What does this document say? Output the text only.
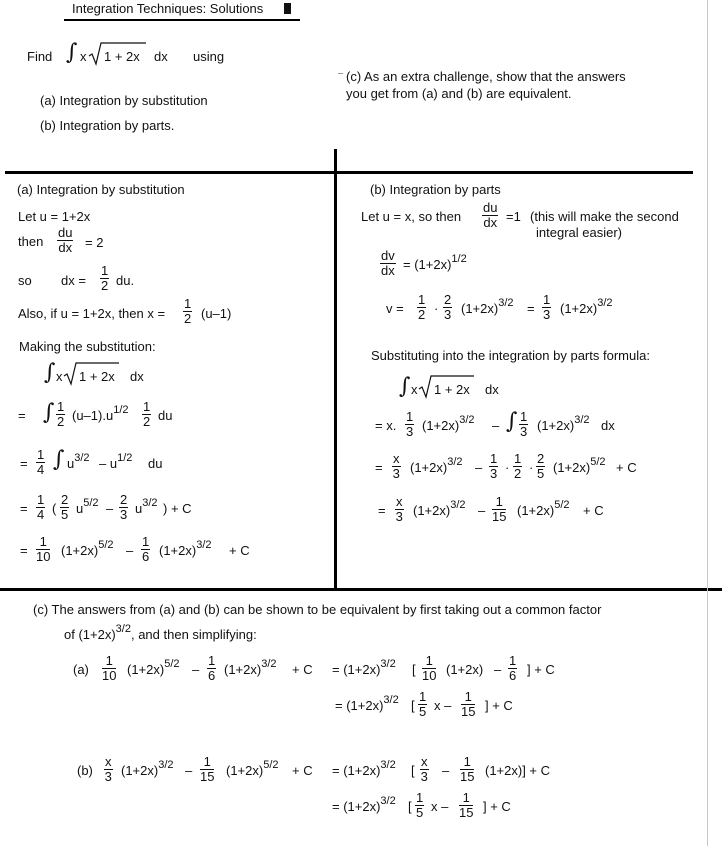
Integration Techniques: Solutions
Find ∫ x 1 + 2x dx using
(a) Integration by substitution
(b) Integration by parts.
(c) As an extra challenge, show that the answers
you get from (a) and (b) are equivalent.
(a) Integration by substitution
Let u = 1+2x
then
du
dx = 2
so dx =
1
2 du.
Also, if u = 1+2x, then x =
1
2 (u–1)
Making the substitution:
∫ x 1 + 2x dx
= ∫ 1
2 $(u-1).u^{1/2}$ 1
2 du
=
1
4 ∫ $u^{3/2} - u^{1/2}$ du
=
1
4 (
2
5 $u^{5/2}$ –
2
3 $u^{3/2}$ ) + C
=
1
10 $(1+2x)^{5/2}$ –
1
6 $(1+2x)^{3/2} + C$
(b) Integration by parts
Let u = x, so then
du
dx =1 (this will make the second
integral easier)
dv
dx = $(1+2x)^{1/2}$
v =
1
2 ·
2
3 $(1+2x)^{3/2}$ =
1
3 $(1+2x)^{3/2}$
Substituting into the integration by parts formula:
∫ x 1 + 2x dx
= x.
1
3 $(1+2x)^{3/2}$ – ∫ 1
3 $(1+2x)^{3/2}$ dx
=
x
3 $(1+2x)^{3/2}$ –
1
3 ·
1
2 ·
2
5 $(1+2x)^{5/2} + C$
=
x
3 $(1+2x)^{3/2}$ –
1
15 $(1+2x)^{5/2} + C$
(c) The answers from (a) and (b) can be shown to be equivalent by first taking out a common factor
of $(1+2x)^{3/2}$, and then simplifying:
(a)
1
10 $(1+2x)^{5/2}$ –
1
6 $(1+2x)^{3/2} + C = (1+2x)^{3/2}$ [
1
10 (1+2x) –
1
6 ] + C
= $(1+2x)^{3/2}$ [
1
5 x –
1
15 ] + C
(b)
x
3 $(1+2x)^{3/2}$ –
1
15 $(1+2x)^{5/2} + C = (1+2x)^{3/2}$ [
x
3 –
1
15 (1+2x)] + C
= $(1+2x)^{3/2}$ [
1
5 x –
1
15 ] + C
